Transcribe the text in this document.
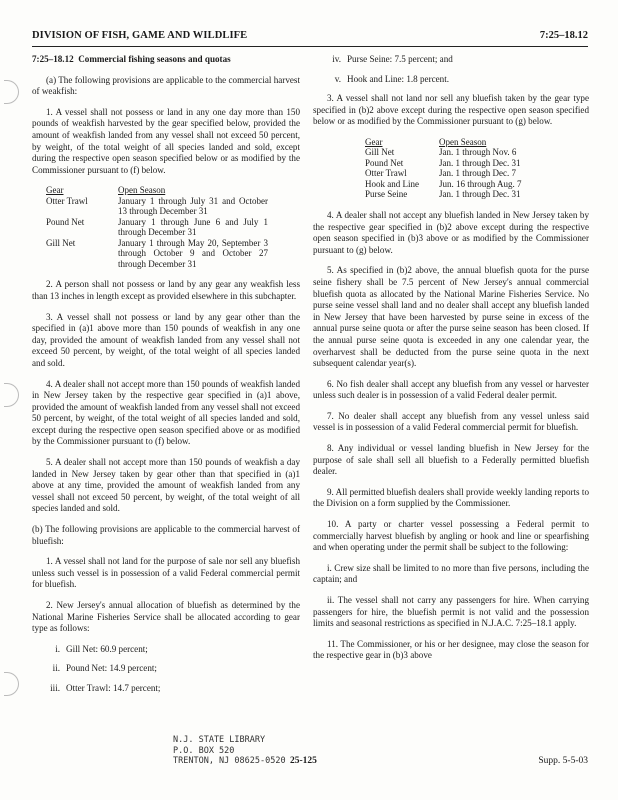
DIVISION OF FISH, GAME AND WILDLIFE	7:25–18.12

7:25–18.12 Commercial fishing seasons and quotas

(a) The following provisions are applicable to the commercial harvest of weakfish:

1. A vessel shall not possess or land in any one day more than 150 pounds of weakfish harvested by the gear specified below, provided the amount of weakfish landed from any vessel shall not exceed 50 percent, by weight, of the total weight of all species landed and sold, except during the respective open season specified below or as modified by the Commissioner pursuant to (f) below.

Gear	Open Season
Otter Trawl	January 1 through July 31 and October 13 through December 31
Pound Net	January 1 through June 6 and July 1 through December 31
Gill Net	January 1 through May 20, September 3 through October 9 and October 27 through December 31

2. A person shall not possess or land by any gear any weakfish less than 13 inches in length except as provided elsewhere in this subchapter.

3. A vessel shall not possess or land by any gear other than the specified in (a)1 above more than 150 pounds of weakfish in any one day, provided the amount of weakfish landed from any vessel shall not exceed 50 percent, by weight, of the total weight of all species landed and sold.

4. A dealer shall not accept more than 150 pounds of weakfish landed in New Jersey taken by the respective gear specified in (a)1 above, provided the amount of weakfish landed from any vessel shall not exceed 50 percent, by weight, of the total weight of all species landed and sold, except during the respective open season specified above or as modified by the Commissioner pursuant to (f) below.

5. A dealer shall not accept more than 150 pounds of weakfish a day landed in New Jersey taken by gear other than that specified in (a)1 above at any time, provided the amount of weakfish landed from any vessel shall not exceed 50 percent, by weight, of the total weight of all species landed and sold.

(b) The following provisions are applicable to the commercial harvest of bluefish:

1. A vessel shall not land for the purpose of sale nor sell any bluefish unless such vessel is in possession of a valid Federal commercial permit for bluefish.

2. New Jersey's annual allocation of bluefish as determined by the National Marine Fisheries Service shall be allocated according to gear type as follows:

i. Gill Net: 60.9 percent;
ii. Pound Net: 14.9 percent;
iii. Otter Trawl: 14.7 percent;
iv. Purse Seine: 7.5 percent; and
v. Hook and Line: 1.8 percent.

3. A vessel shall not land nor sell any bluefish taken by the gear type specified in (b)2 above except during the respective open season specified below or as modified by the Commissioner pursuant to (g) below.

Gear	Open Season
Gill Net	Jan. 1 through Nov. 6
Pound Net	Jan. 1 through Dec. 31
Otter Trawl	Jan. 1 through Dec. 7
Hook and Line	Jun. 16 through Aug. 7
Purse Seine	Jan. 1 through Dec. 31

4. A dealer shall not accept any bluefish landed in New Jersey taken by the respective gear specified in (b)2 above except during the respective open season specified in (b)3 above or as modified by the Commissioner pursuant to (g) below.

5. As specified in (b)2 above, the annual bluefish quota for the purse seine fishery shall be 7.5 percent of New Jersey's annual commercial bluefish quota as allocated by the National Marine Fisheries Service. No purse seine vessel shall land and no dealer shall accept any bluefish landed in New Jersey that have been harvested by purse seine in excess of the annual purse seine quota or after the purse seine season has been closed. If the annual purse seine quota is exceeded in any one calendar year, the overharvest shall be deducted from the purse seine quota in the next subsequent calendar year(s).

6. No fish dealer shall accept any bluefish from any vessel or harvester unless such dealer is in possession of a valid Federal dealer permit.

7. No dealer shall accept any bluefish from any vessel unless said vessel is in possession of a valid Federal commercial permit for bluefish.

8. Any individual or vessel landing bluefish in New Jersey for the purpose of sale shall sell all bluefish to a Federally permitted bluefish dealer.

9. All permitted bluefish dealers shall provide weekly landing reports to the Division on a form supplied by the Commissioner.

10. A party or charter vessel possessing a Federal permit to commercially harvest bluefish by angling or hook and line or spearfishing and when operating under the permit shall be subject to the following:

i. Crew size shall be limited to no more than five persons, including the captain; and

ii. The vessel shall not carry any passengers for hire. When carrying passengers for hire, the bluefish permit is not valid and the possession limits and seasonal restrictions as specified in N.J.A.C. 7:25–18.1 apply.

11. The Commissioner, or his or her designee, may close the season for the respective gear in (b)3 above

N.J. STATE LIBRARY
P.O. BOX 520
TRENTON, NJ 08625-0520 25-125	Supp. 5-5-03
